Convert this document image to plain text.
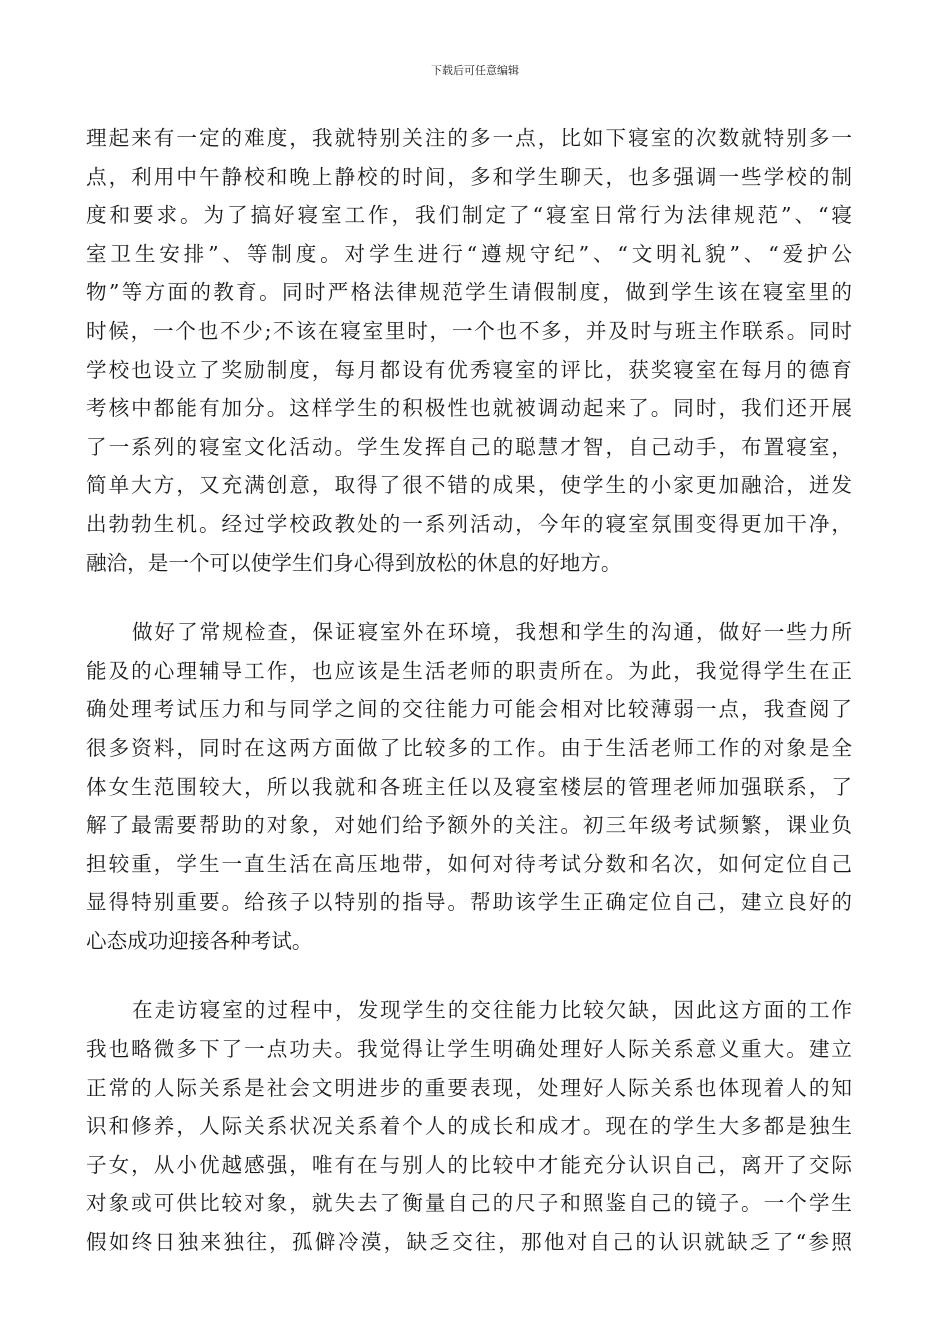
下载后可任意编辑
理起来有一定的难度，我就特别关注的多一点，比如下寝室的次数就特别多一
点，利用中午静校和晚上静校的时间，多和学生聊天，也多强调一些学校的制
度和要求。为了搞好寝室工作，我们制定了“寝室日常行为法律规范”、“寝
室卫生安排”、等制度。对学生进行“遵规守纪”、“文明礼貌”、“爱护公
物”等方面的教育。同时严格法律规范学生请假制度，做到学生该在寝室里的
时候，一个也不少;不该在寝室里时，一个也不多，并及时与班主作联系。同时
学校也设立了奖励制度，每月都设有优秀寝室的评比，获奖寝室在每月的德育
考核中都能有加分。这样学生的积极性也就被调动起来了。同时，我们还开展
了一系列的寝室文化活动。学生发挥自己的聪慧才智，自己动手，布置寝室，
简单大方，又充满创意，取得了很不错的成果，使学生的小家更加融洽，迸发
出勃勃生机。经过学校政教处的一系列活动，今年的寝室氛围变得更加干净，
融洽，是一个可以使学生们身心得到放松的休息的好地方。
做好了常规检查，保证寝室外在环境，我想和学生的沟通，做好一些力所
能及的心理辅导工作，也应该是生活老师的职责所在。为此，我觉得学生在正
确处理考试压力和与同学之间的交往能力可能会相对比较薄弱一点，我查阅了
很多资料，同时在这两方面做了比较多的工作。由于生活老师工作的对象是全
体女生范围较大，所以我就和各班主任以及寝室楼层的管理老师加强联系，了
解了最需要帮助的对象，对她们给予额外的关注。初三年级考试频繁，课业负
担较重，学生一直生活在高压地带，如何对待考试分数和名次，如何定位自己
显得特别重要。给孩子以特别的指导。帮助该学生正确定位自己，建立良好的
心态成功迎接各种考试。
在走访寝室的过程中，发现学生的交往能力比较欠缺，因此这方面的工作
我也略微多下了一点功夫。我觉得让学生明确处理好人际关系意义重大。建立
正常的人际关系是社会文明进步的重要表现，处理好人际关系也体现着人的知
识和修养，人际关系状况关系着个人的成长和成才。现在的学生大多都是独生
子女，从小优越感强，唯有在与别人的比较中才能充分认识自己，离开了交际
对象或可供比较对象，就失去了衡量自己的尺子和照鉴自己的镜子。一个学生
假如终日独来独往，孤僻冷漠，缺乏交往，那他对自己的认识就缺乏了“参照
